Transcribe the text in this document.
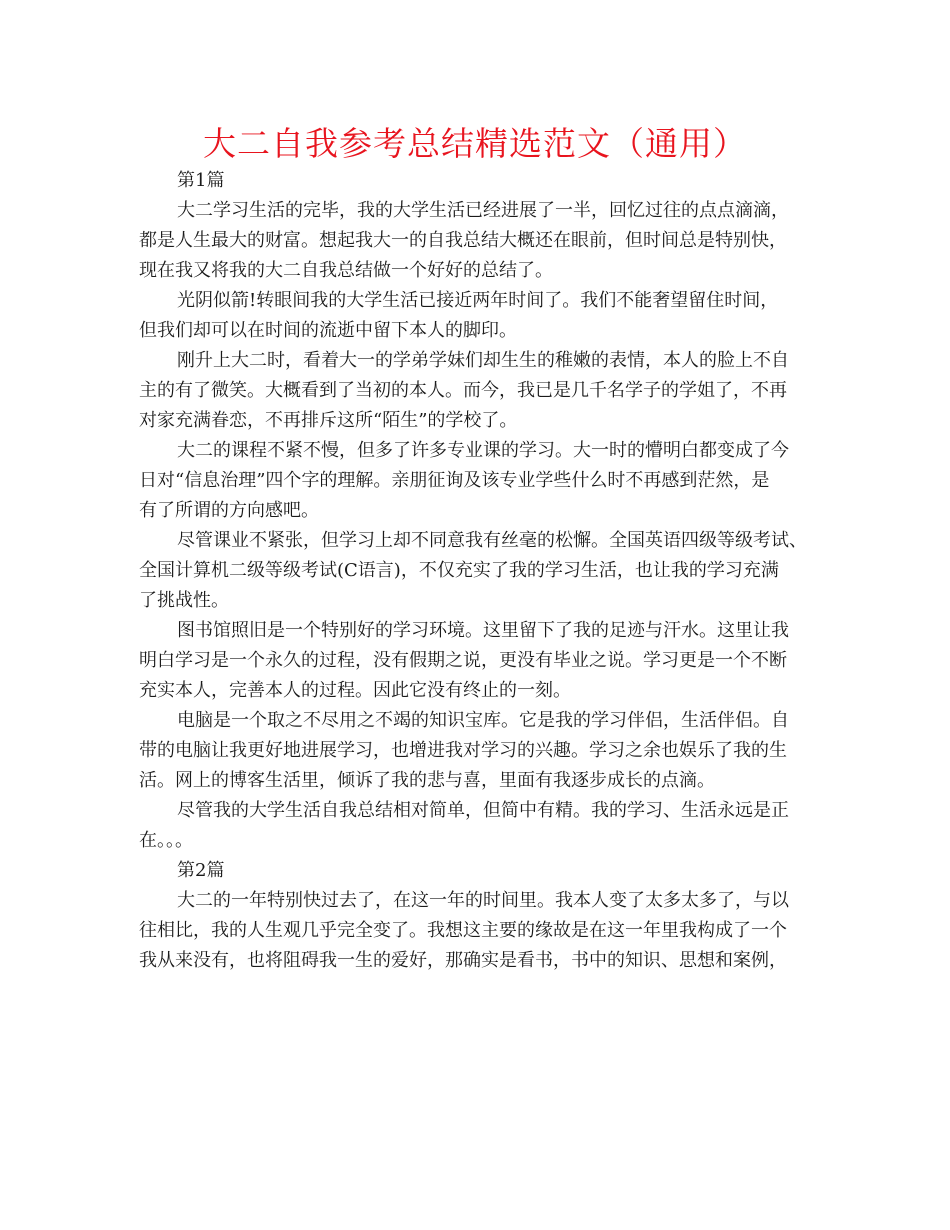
大二自我参考总结精选范文（通用）
第1篇
大二学习生活的完毕，我的大学生活已经进展了一半，回忆过往的点点滴滴，
都是人生最大的财富。想起我大一的自我总结大概还在眼前，但时间总是特别快，
现在我又将我的大二自我总结做一个好好的总结了。
光阴似箭!转眼间我的大学生活已接近两年时间了。我们不能奢望留住时间，
但我们却可以在时间的流逝中留下本人的脚印。
刚升上大二时，看着大一的学弟学妹们却生生的稚嫩的表情，本人的脸上不自
主的有了微笑。大概看到了当初的本人。而今，我已是几千名学子的学姐了，不再
对家充满眷恋，不再排斥这所“陌生”的学校了。
大二的课程不紧不慢，但多了许多专业课的学习。大一时的懵明白都变成了今
日对“信息治理”四个字的理解。亲朋征询及该专业学些什么时不再感到茫然，是
有了所谓的方向感吧。
尽管课业不紧张，但学习上却不同意我有丝毫的松懈。全国英语四级等级考试、
全国计算机二级等级考试(C语言)，不仅充实了我的学习生活，也让我的学习充满
了挑战性。
图书馆照旧是一个特别好的学习环境。这里留下了我的足迹与汗水。这里让我
明白学习是一个永久的过程，没有假期之说，更没有毕业之说。学习更是一个不断
充实本人，完善本人的过程。因此它没有终止的一刻。
电脑是一个取之不尽用之不竭的知识宝库。它是我的学习伴侣，生活伴侣。自
带的电脑让我更好地进展学习，也增进我对学习的兴趣。学习之余也娱乐了我的生
活。网上的博客生活里，倾诉了我的悲与喜，里面有我逐步成长的点滴。
尽管我的大学生活自我总结相对简单，但简中有精。我的学习、生活永远是正
在。。。
第2篇
大二的一年特别快过去了，在这一年的时间里。我本人变了太多太多了，与以
往相比，我的人生观几乎完全变了。我想这主要的缘故是在这一年里我构成了一个
我从来没有，也将阻碍我一生的爱好，那确实是看书，书中的知识、思想和案例，
